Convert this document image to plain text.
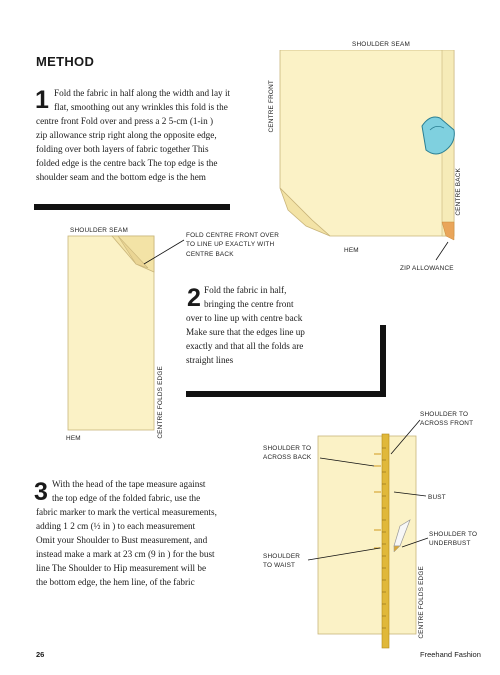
METHOD
1 Fold the fabric in half along the width and lay it
flat, smoothing out any wrinkles this fold is the
centre front Fold over and press a 2 5-cm (1-in )
zip allowance strip right along the opposite edge,
folding over both layers of fabric together This
folded edge is the centre back The top edge is the
shoulder seam and the bottom edge is the hem
SHOULDER SEAM
CENTRE FRONT
CENTRE BACK
HEM
ZIP ALLOWANCE
SHOULDER SEAM
FOLD CENTRE FRONT OVER
TO LINE UP EXACTLY WITH
CENTRE BACK
CENTRE FOLDS EDGE
HEM
2 Fold the fabric in half,
bringing the centre front
over to line up with centre back
Make sure that the edges line up
exactly and that all the folds are
straight lines
SHOULDER TO
ACROSS FRONT
SHOULDER TO
ACROSS BACK
BUST
SHOULDER TO
UNDERBUST
SHOULDER
TO WAIST
CENTRE FOLDS EDGE
3 With the head of the tape measure against
the top edge of the folded fabric, use the
fabric marker to mark the vertical measurements,
adding 1 2 cm (½ in ) to each measurement
Omit your Shoulder to Bust measurement, and
instead make a mark at 23 cm (9 in ) for the bust
line The Shoulder to Hip measurement will be
the bottom edge, the hem line, of the fabric
26	Freehand Fashion
